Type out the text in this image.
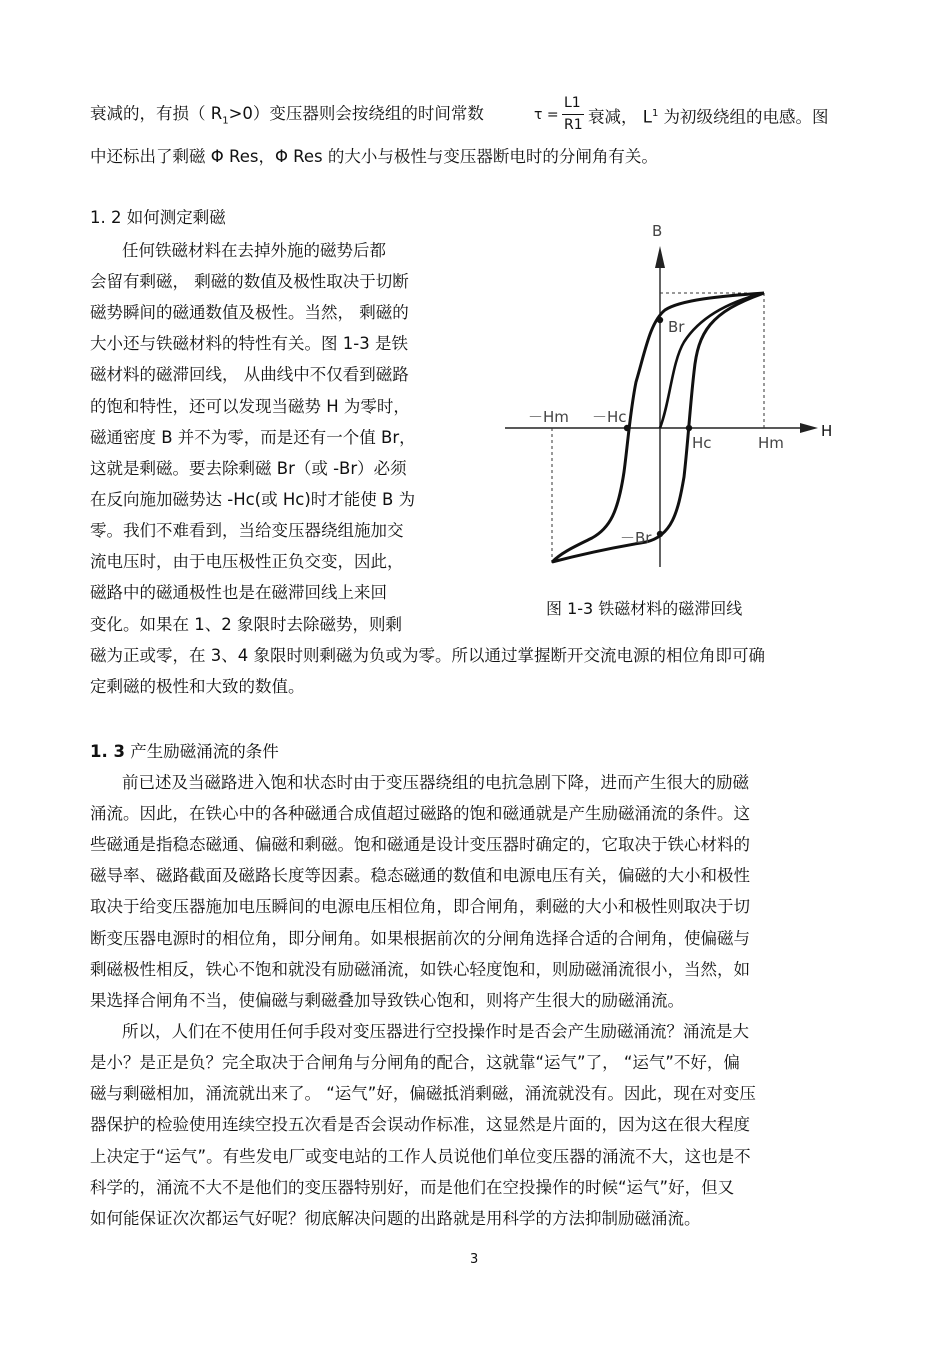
衰减的，有损（ $R_1>0$）变压器则会按绕组的时间常数	τ =
L1
R1 衰减， $L^1$ 为初级绕组的电感。图
中还标出了剩磁 Φ Res，Φ Res 的大小与极性与变压器断电时的分闸角有关。
1. 2 如何测定剩磁
任何铁磁材料在去掉外施的磁势后都
会留有剩磁， 剩磁的数值及极性取决于切断
磁势瞬间的磁通数值及极性。当然， 剩磁的
大小还与铁磁材料的特性有关。图 1-3 是铁
磁材料的磁滞回线， 从曲线中不仅看到磁路
的饱和特性，还可以发现当磁势 H 为零时，
磁通密度 B 并不为零，而是还有一个值 Br，
这就是剩磁。要去除剩磁 Br（或 -Br）必须
在反向施加磁势达 -Hc(或 Hc)时才能使 B 为
零。我们不难看到，当给变压器绕组施加交
流电压时，由于电压极性正负交变，因此，
磁路中的磁通极性也是在磁滞回线上来回
变化。如果在 1、2 象限时去除磁势，则剩
磁为正或零，在 3、4 象限时则剩磁为负或为零。所以通过掌握断开交流电源的相位角即可确
定剩磁的极性和大致的数值。
B
H
Br
－Br
Hc	Hm
－Hm －Hc
图 1-3 铁磁材料的磁滞回线
1. 3 产生励磁涌流的条件
前已述及当磁路进入饱和状态时由于变压器绕组的电抗急剧下降，进而产生很大的励磁
涌流。因此，在铁心中的各种磁通合成值超过磁路的饱和磁通就是产生励磁涌流的条件。这
些磁通是指稳态磁通、偏磁和剩磁。饱和磁通是设计变压器时确定的，它取决于铁心材料的
磁导率、磁路截面及磁路长度等因素。稳态磁通的数值和电源电压有关，偏磁的大小和极性
取决于给变压器施加电压瞬间的电源电压相位角，即合闸角，剩磁的大小和极性则取决于切
断变压器电源时的相位角，即分闸角。如果根据前次的分闸角选择合适的合闸角，使偏磁与
剩磁极性相反，铁心不饱和就没有励磁涌流，如铁心轻度饱和，则励磁涌流很小，当然，如
果选择合闸角不当，使偏磁与剩磁叠加导致铁心饱和，则将产生很大的励磁涌流。
所以，人们在不使用任何手段对变压器进行空投操作时是否会产生励磁涌流？涌流是大
是小？是正是负？完全取决于合闸角与分闸角的配合，这就靠“运气”了， “运气”不好，偏
磁与剩磁相加，涌流就出来了。 “运气”好，偏磁抵消剩磁，涌流就没有。因此，现在对变压
器保护的检验使用连续空投五次看是否会误动作标准，这显然是片面的，因为这在很大程度
上决定于“运气”。有些发电厂或变电站的工作人员说他们单位变压器的涌流不大，这也是不
科学的，涌流不大不是他们的变压器特别好，而是他们在空投操作的时候“运气”好，但又
如何能保证次次都运气好呢？彻底解决问题的出路就是用科学的方法抑制励磁涌流。
3
